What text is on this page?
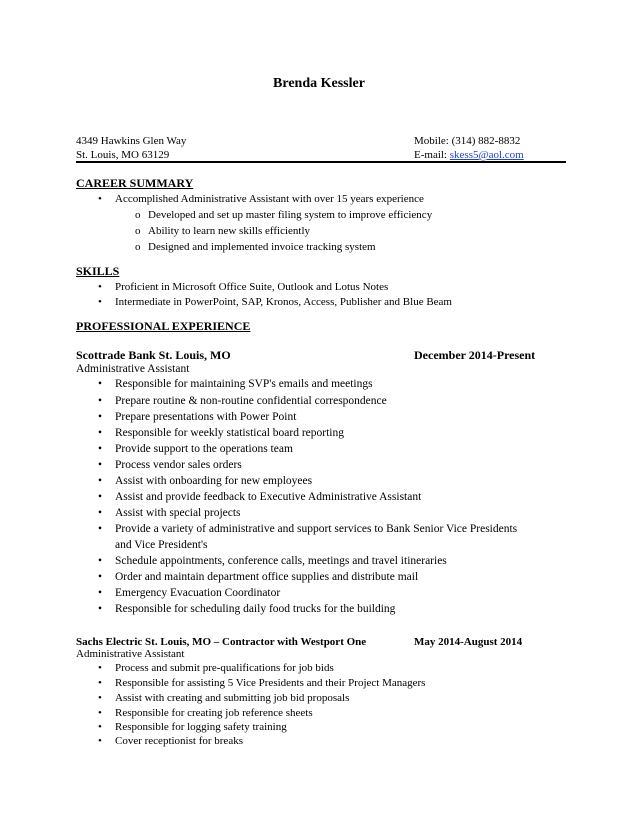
Brenda Kessler
4349 Hawkins Glen Way
St. Louis, MO 63129
Mobile: (314) 882-8832
E-mail: skess5@aol.com
CAREER SUMMARY
• Accomplished Administrative Assistant with over 15 years experience
o Developed and set up master filing system to improve efficiency
o Ability to learn new skills efficiently
o Designed and implemented invoice tracking system
SKILLS
• Proficient in Microsoft Office Suite, Outlook and Lotus Notes
• Intermediate in PowerPoint, SAP, Kronos, Access, Publisher and Blue Beam
PROFESSIONAL EXPERIENCE
Scottrade Bank St. Louis, MO	December 2014-Present
Administrative Assistant
• Responsible for maintaining SVP's emails and meetings
• Prepare routine & non-routine confidential correspondence
• Prepare presentations with Power Point
• Responsible for weekly statistical board reporting
• Provide support to the operations team
• Process vendor sales orders
• Assist with onboarding for new employees
• Assist and provide feedback to Executive Administrative Assistant
• Assist with special projects
• Provide a variety of administrative and support services to Bank Senior Vice Presidents
and Vice President's
• Schedule appointments, conference calls, meetings and travel itineraries
• Order and maintain department office supplies and distribute mail
• Emergency Evacuation Coordinator
• Responsible for scheduling daily food trucks for the building
Sachs Electric St. Louis, MO – Contractor with Westport One	May 2014-August 2014
Administrative Assistant
• Process and submit pre-qualifications for job bids
• Responsible for assisting 5 Vice Presidents and their Project Managers
• Assist with creating and submitting job bid proposals
• Responsible for creating job reference sheets
• Responsible for logging safety training
• Cover receptionist for breaks
